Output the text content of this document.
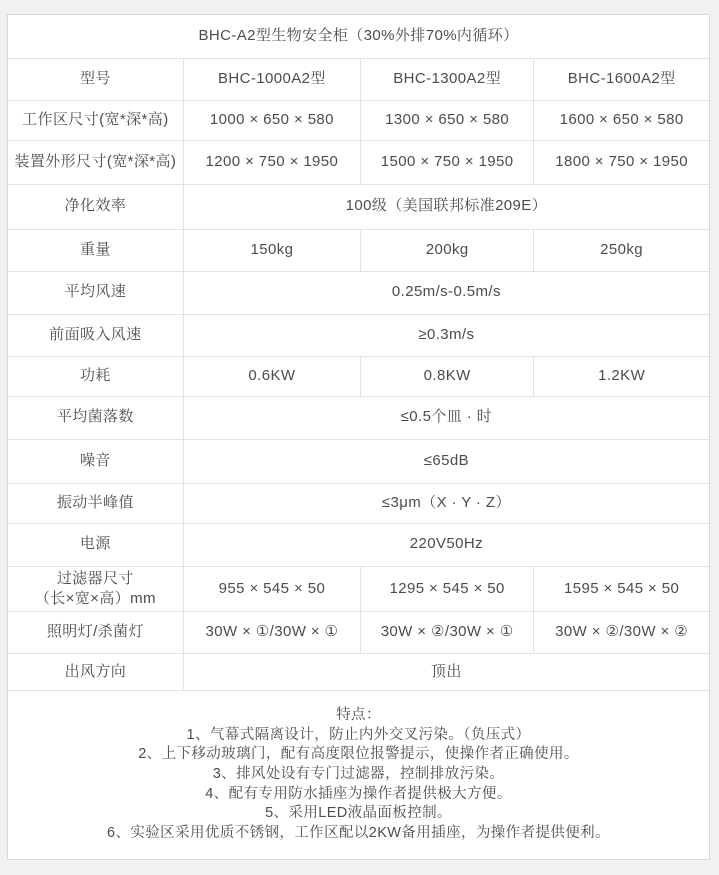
BHC-A2型生物安全柜（30%外排70%内循环）			
型号	BHC-1000A2型	BHC-1300A2型	BHC-1600A2型
工作区尺寸(宽*深*高)	1000 × 650 × 580	1300 × 650 × 580	1600 × 650 × 580
装置外形尺寸(宽*深*高)	1200 × 750 × 1950	1500 × 750 × 1950	1800 × 750 × 1950
净化效率	100级（美国联邦标准209E）		
重量	150kg	200kg	250kg
平均风速	0.25m/s-0.5m/s		
前面吸入风速	≥0.3m/s		
功耗	0.6KW	0.8KW	1.2KW
平均菌落数	≤0.5个皿 · 时		
噪音	≤65dB		
振动半峰值	≤3μm（X · Y · Z）		
电源	220V50Hz		
过滤器尺寸
（长×宽×高）mm	955 × 545 × 50	1295 × 545 × 50	1595 × 545 × 50
照明灯/杀菌灯	30W × ①/30W × ①	30W × ②/30W × ①	30W × ②/30W × ②
出风方向	顶出		

特点：
1、气幕式隔离设计，防止内外交叉污染。（负压式）
2、上下移动玻璃门，配有高度限位报警提示，使操作者正确使用。
3、排风处设有专门过滤器，控制排放污染。
4、配有专用防水插座为操作者提供极大方便。
5、采用LED液晶面板控制。
6、实验区采用优质不锈钢，工作区配以2KW备用插座，为操作者提供便利。
